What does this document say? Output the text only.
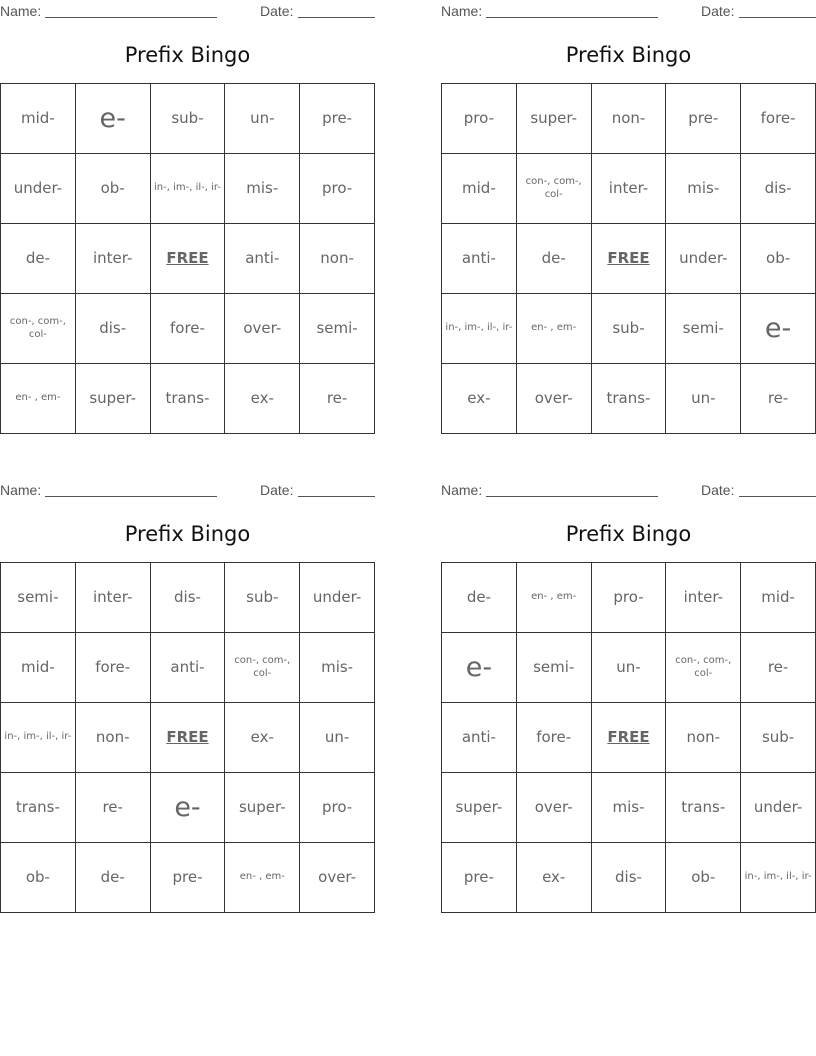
Name:	Date:
Prefix Bingo
mid-	e-	sub-	un-	pre-
under-	ob-	in-, im-, il-, ir-	mis-	pro-
de-	inter-	FREE	anti-	non-
con-, com-, col-	dis-	fore-	over-	semi-
en- , em-	super-	trans-	ex-	re-
Name:	Date:
Prefix Bingo
pro-	super-	non-	pre-	fore-
mid-	con-, com-, col-	inter-	mis-	dis-
anti-	de-	FREE	under-	ob-
in-, im-, il-, ir-	en- , em-	sub-	semi-	e-
ex-	over-	trans-	un-	re-
Name:	Date:
Prefix Bingo
semi-	inter-	dis-	sub-	under-
mid-	fore-	anti-	con-, com-, col-	mis-
in-, im-, il-, ir-	non-	FREE	ex-	un-
trans-	re-	e-	super-	pro-
ob-	de-	pre-	en- , em-	over-
Name:	Date:
Prefix Bingo
de-	en- , em-	pro-	inter-	mid-
e-	semi-	un-	con-, com-, col-	re-
anti-	fore-	FREE	non-	sub-
super-	over-	mis-	trans-	under-
pre-	ex-	dis-	ob-	in-, im-, il-, ir-
